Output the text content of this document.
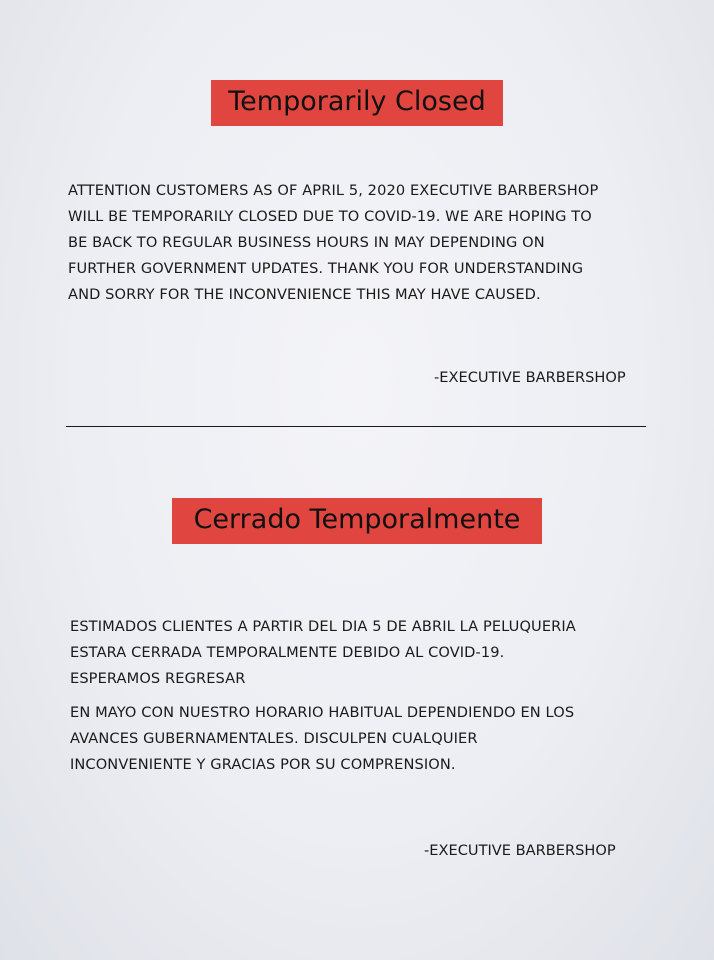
Temporarily Closed
ATTENTION CUSTOMERS AS OF APRIL 5, 2020 EXECUTIVE BARBERSHOP
WILL BE TEMPORARILY CLOSED DUE TO COVID-19. WE ARE HOPING TO
BE BACK TO REGULAR BUSINESS HOURS IN MAY DEPENDING ON
FURTHER GOVERNMENT UPDATES. THANK YOU FOR UNDERSTANDING
AND SORRY FOR THE INCONVENIENCE THIS MAY HAVE CAUSED.
-EXECUTIVE BARBERSHOP
Cerrado Temporalmente
ESTIMADOS CLIENTES A PARTIR DEL DIA 5 DE ABRIL LA PELUQUERIA
ESTARA CERRADA TEMPORALMENTE DEBIDO AL COVID-19.
ESPERAMOS REGRESAR
EN MAYO CON NUESTRO HORARIO HABITUAL DEPENDIENDO EN LOS
AVANCES GUBERNAMENTALES. DISCULPEN CUALQUIER
INCONVENIENTE Y GRACIAS POR SU COMPRENSION.
-EXECUTIVE BARBERSHOP
